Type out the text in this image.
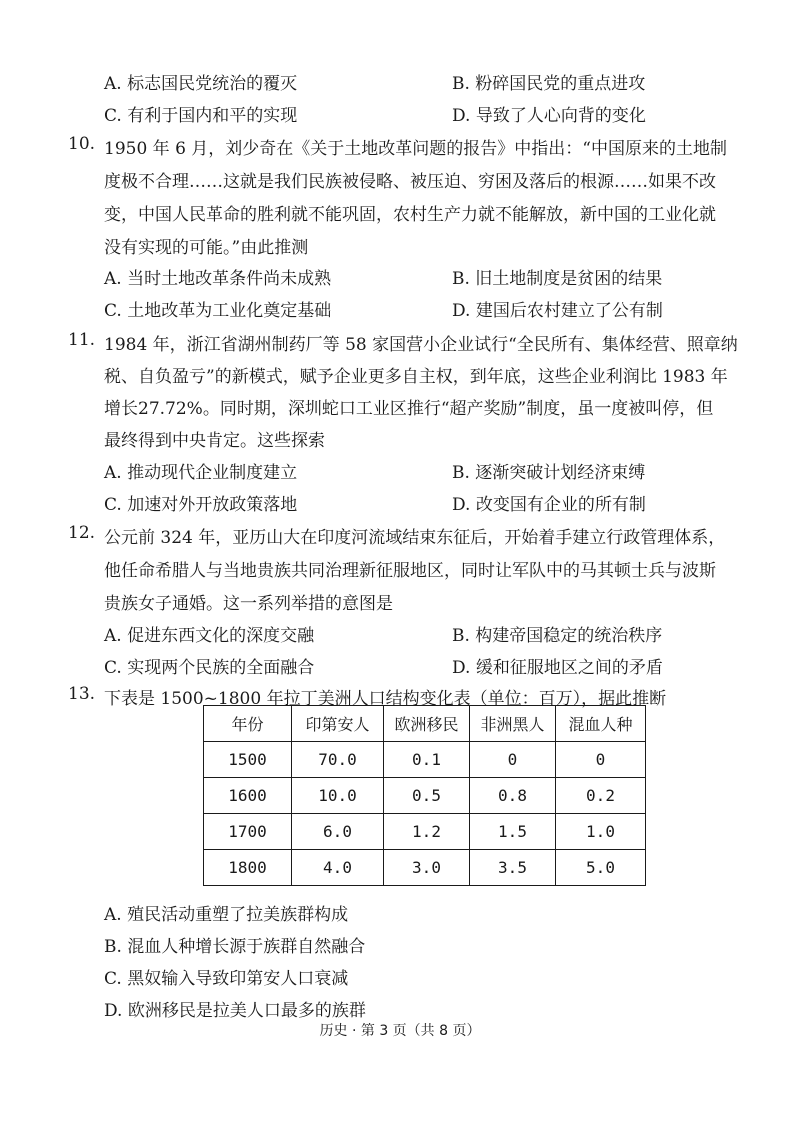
A. 标志国民党统治的覆灭	B. 粉碎国民党的重点进攻
C. 有利于国内和平的实现	D. 导致了人心向背的变化
10. 1950 年 6 月，刘少奇在《关于土地改革问题的报告》中指出：“中国原来的土地制
度极不合理……这就是我们民族被侵略、被压迫、穷困及落后的根源……如果不改
变，中国人民革命的胜利就不能巩固，农村生产力就不能解放，新中国的工业化就
没有实现的可能。”由此推测
A. 当时土地改革条件尚未成熟	B. 旧土地制度是贫困的结果
C. 土地改革为工业化奠定基础	D. 建国后农村建立了公有制
11. 1984 年，浙江省湖州制药厂等 58 家国营小企业试行“全民所有、集体经营、照章纳
税、自负盈亏”的新模式，赋予企业更多自主权，到年底，这些企业利润比 1983 年
增长27.72%。同时期，深圳蛇口工业区推行“超产奖励”制度，虽一度被叫停，但
最终得到中央肯定。这些探索
A. 推动现代企业制度建立	B. 逐渐突破计划经济束缚
C. 加速对外开放政策落地	D. 改变国有企业的所有制
12. 公元前 324 年，亚历山大在印度河流域结束东征后，开始着手建立行政管理体系，
他任命希腊人与当地贵族共同治理新征服地区，同时让军队中的马其顿士兵与波斯
贵族女子通婚。这一系列举措的意图是
A. 促进东西文化的深度交融	B. 构建帝国稳定的统治秩序
C. 实现两个民族的全面融合	D. 缓和征服地区之间的矛盾
13. 下表是 1500~1800 年拉丁美洲人口结构变化表（单位：百万），据此推断
年份	印第安人	欧洲移民	非洲黑人	混血人种
1500	70.0	0.1	0	0
1600	10.0	0.5	0.8	0.2
1700	6.0	1.2	1.5	1.0
1800	4.0	3.0	3.5	5.0
A. 殖民活动重塑了拉美族群构成
B. 混血人种增长源于族群自然融合
C. 黑奴输入导致印第安人口衰减
D. 欧洲移民是拉美人口最多的族群
历史 · 第 3 页（共 8 页）
